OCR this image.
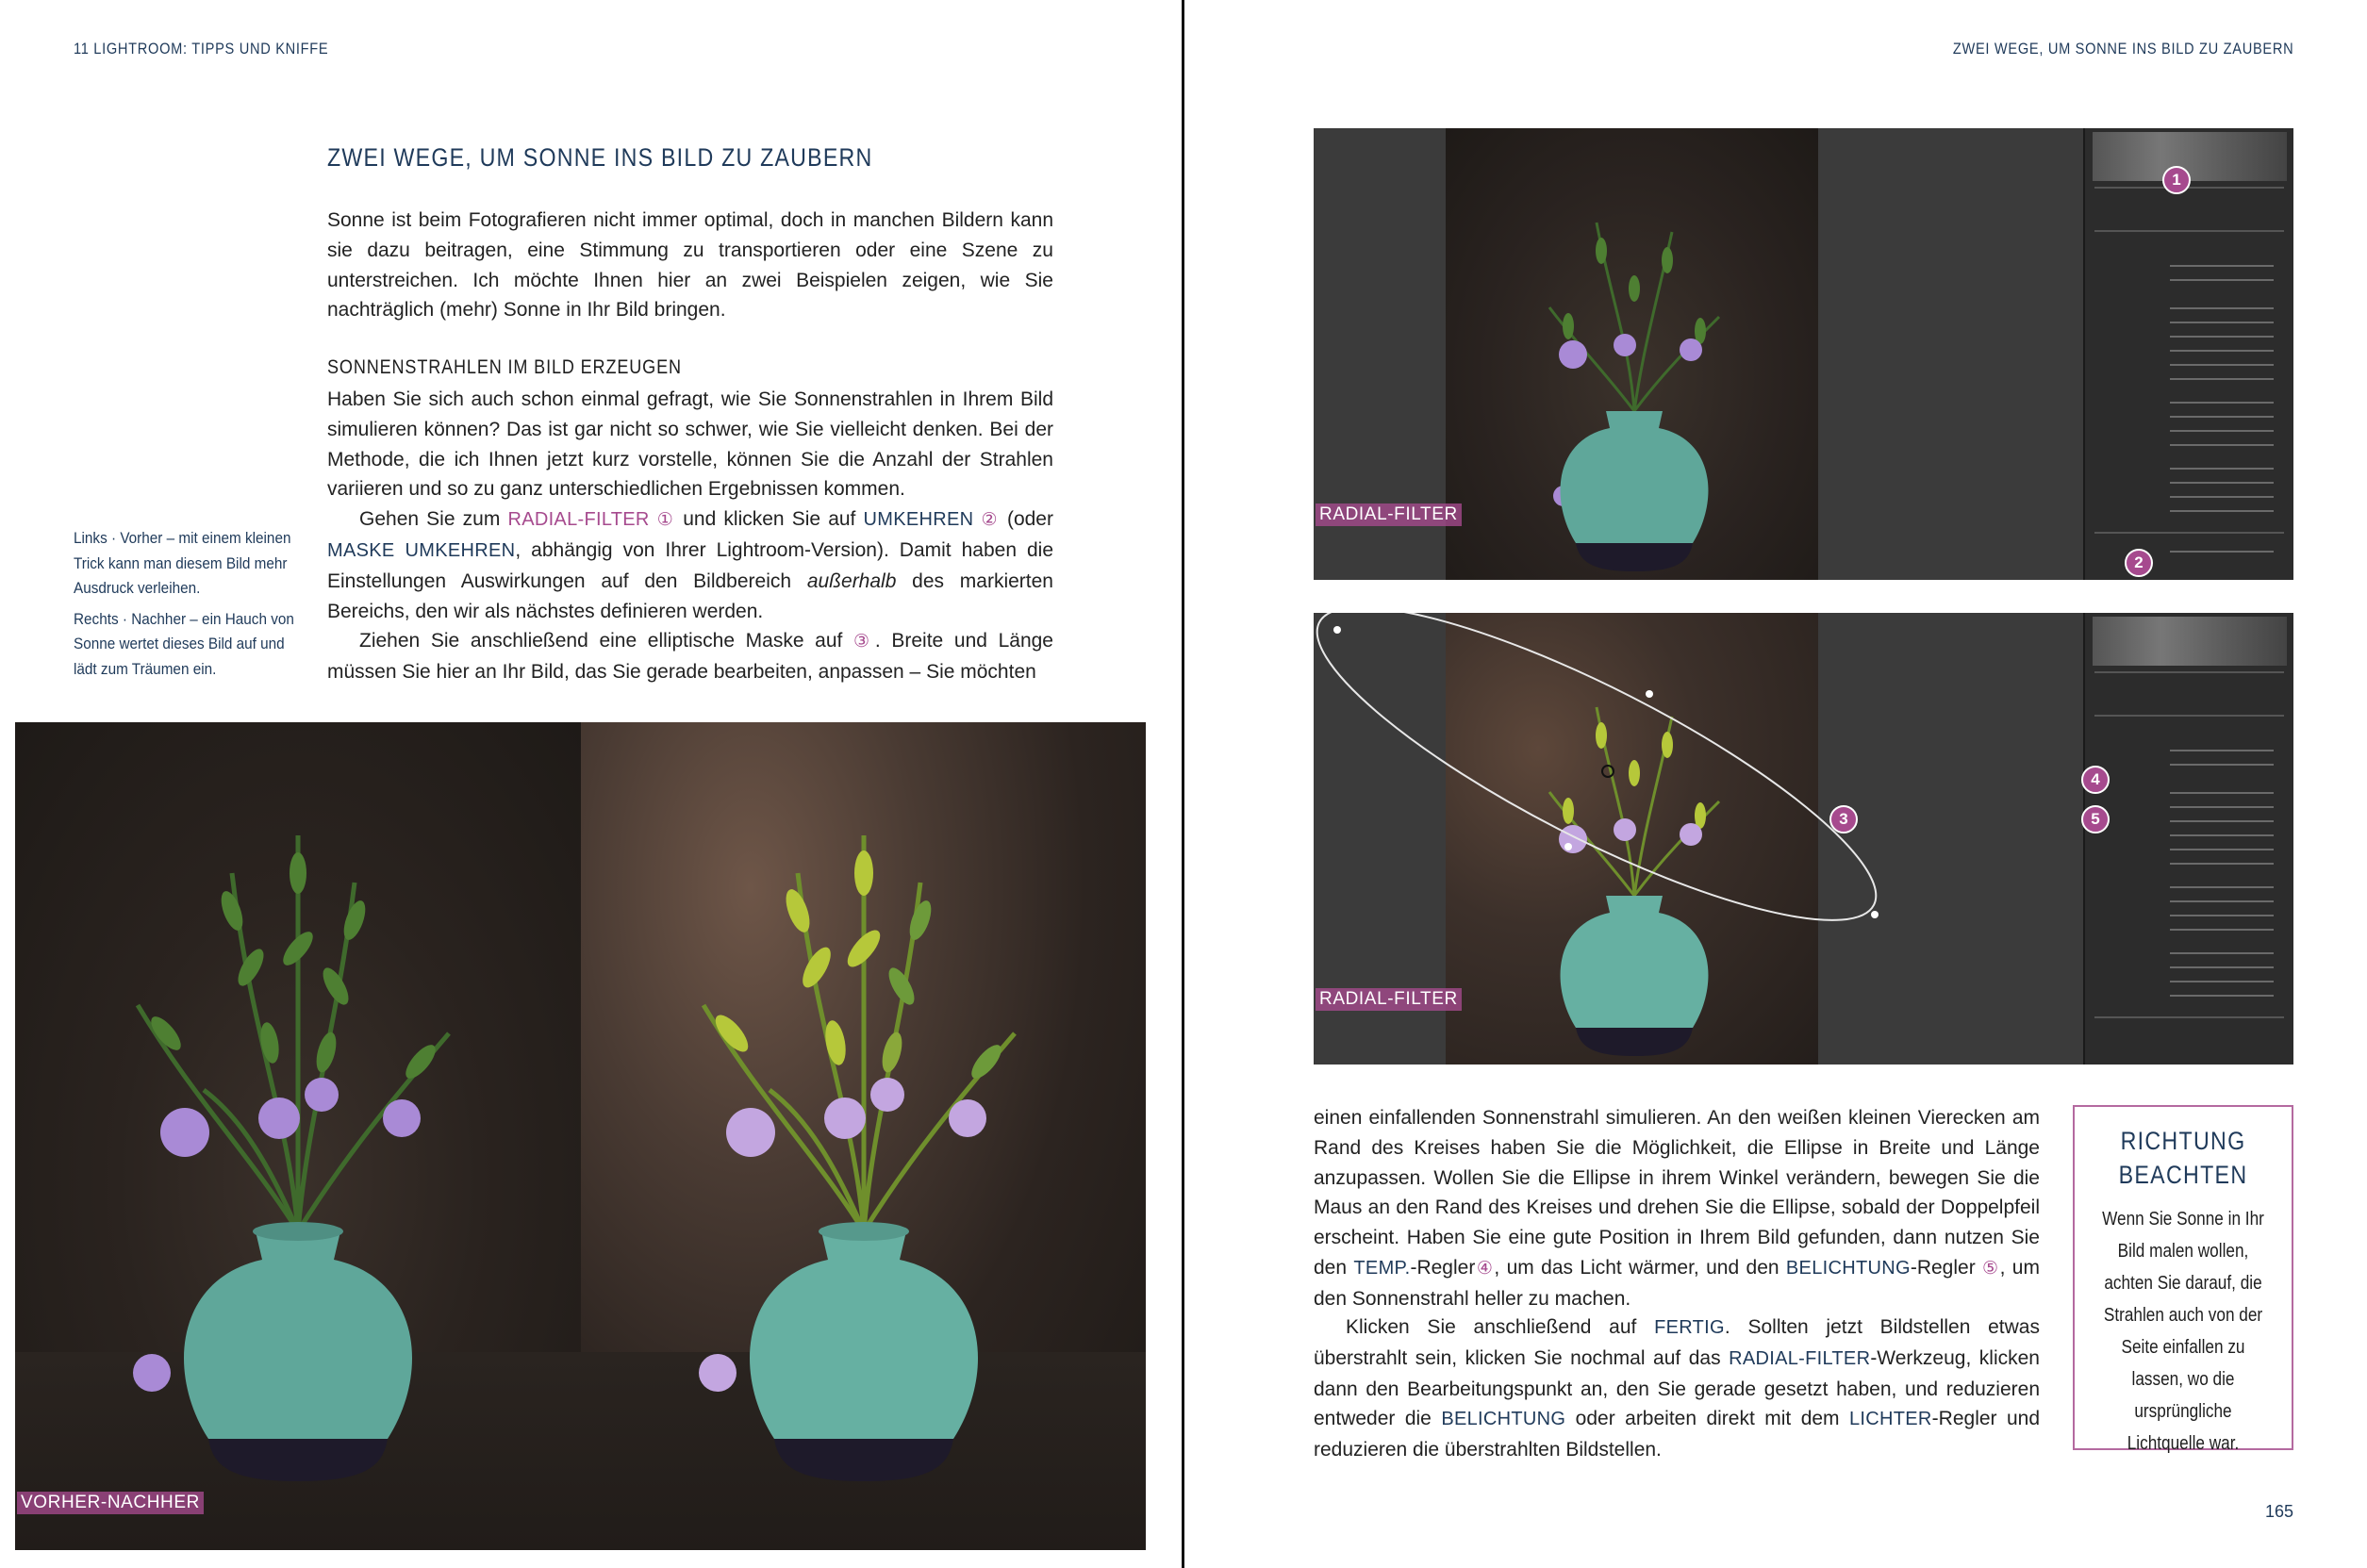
11 LIGHTROOM: TIPPS UND KNIFFE
ZWEI WEGE, UM SONNE INS BILD ZU ZAUBERN
Sonne ist beim Fotografieren nicht immer optimal, doch in manchen Bildern kann sie dazu beitragen, eine Stimmung zu transportieren oder eine Szene zu unterstreichen. Ich möchte Ihnen hier an zwei Beispielen zeigen, wie Sie nachträglich (mehr) Sonne in Ihr Bild bringen.
SONNENSTRAHLEN IM BILD ERZEUGEN

Haben Sie sich auch schon einmal gefragt, wie Sie Sonnenstrahlen in Ihrem Bild simulieren können? Das ist gar nicht so schwer, wie Sie vielleicht denken. Bei der Methode, die ich Ihnen jetzt kurz vorstelle, können Sie die Anzahl der Strahlen variieren und so zu ganz unterschiedlichen Ergebnissen kommen.

Gehen Sie zum RADIAL-FILTER ① und klicken Sie auf UMKEHREN ② (oder MASKE UMKEHREN, abhängig von Ihrer Lightroom-Version). Damit haben die Einstellungen Auswirkungen auf den Bildbereich außerhalb des markierten Bereichs, den wir als nächstes definieren werden.

Ziehen Sie anschließend eine elliptische Maske auf ③. Breite und Länge müssen Sie hier an Ihr Bild, das Sie gerade bearbeiten, anpassen – Sie möchten

Links · Vorher – mit einem kleinen Trick kann man diesem Bild mehr Ausdruck verleihen.

Rechts · Nachher – ein Hauch von Sonne wertet dieses Bild auf und lädt zum Träumen ein.

VORHER-NACHHER
ZWEI WEGE, UM SONNE INS BILD ZU ZAUBERN
1
2
RADIAL-FILTER
3
4
5
RADIAL-FILTER

einen einfallenden Sonnenstrahl simulieren. An den weißen kleinen Vierecken am Rand des Kreises haben Sie die Möglichkeit, die Ellipse in Breite und Länge anzupassen. Wollen Sie die Ellipse in ihrem Winkel verändern, bewegen Sie die Maus an den Rand des Kreises und drehen Sie die Ellipse, sobald der Doppelpfeil erscheint. Haben Sie eine gute Position in Ihrem Bild gefunden, dann nutzen Sie den TEMP.-Regler④, um das Licht wärmer, und den BELICHTUNG-Regler ⑤, um den Sonnenstrahl heller zu machen.

Klicken Sie anschließend auf FERTIG. Sollten jetzt Bildstellen etwas überstrahlt sein, klicken Sie nochmal auf das RADIAL-FILTER-Werkzeug, klicken dann den Bearbeitungspunkt an, den Sie gerade gesetzt haben, und reduzieren entweder die BELICHTUNG oder arbeiten direkt mit dem LICHTER-Regler und reduzieren die überstrahlten Bildstellen.

RICHTUNG BEACHTEN
Wenn Sie Sonne in Ihr Bild malen wollen, achten Sie darauf, die Strahlen auch von der Seite einfallen zu lassen, wo die ursprüngliche Lichtquelle war.
165
